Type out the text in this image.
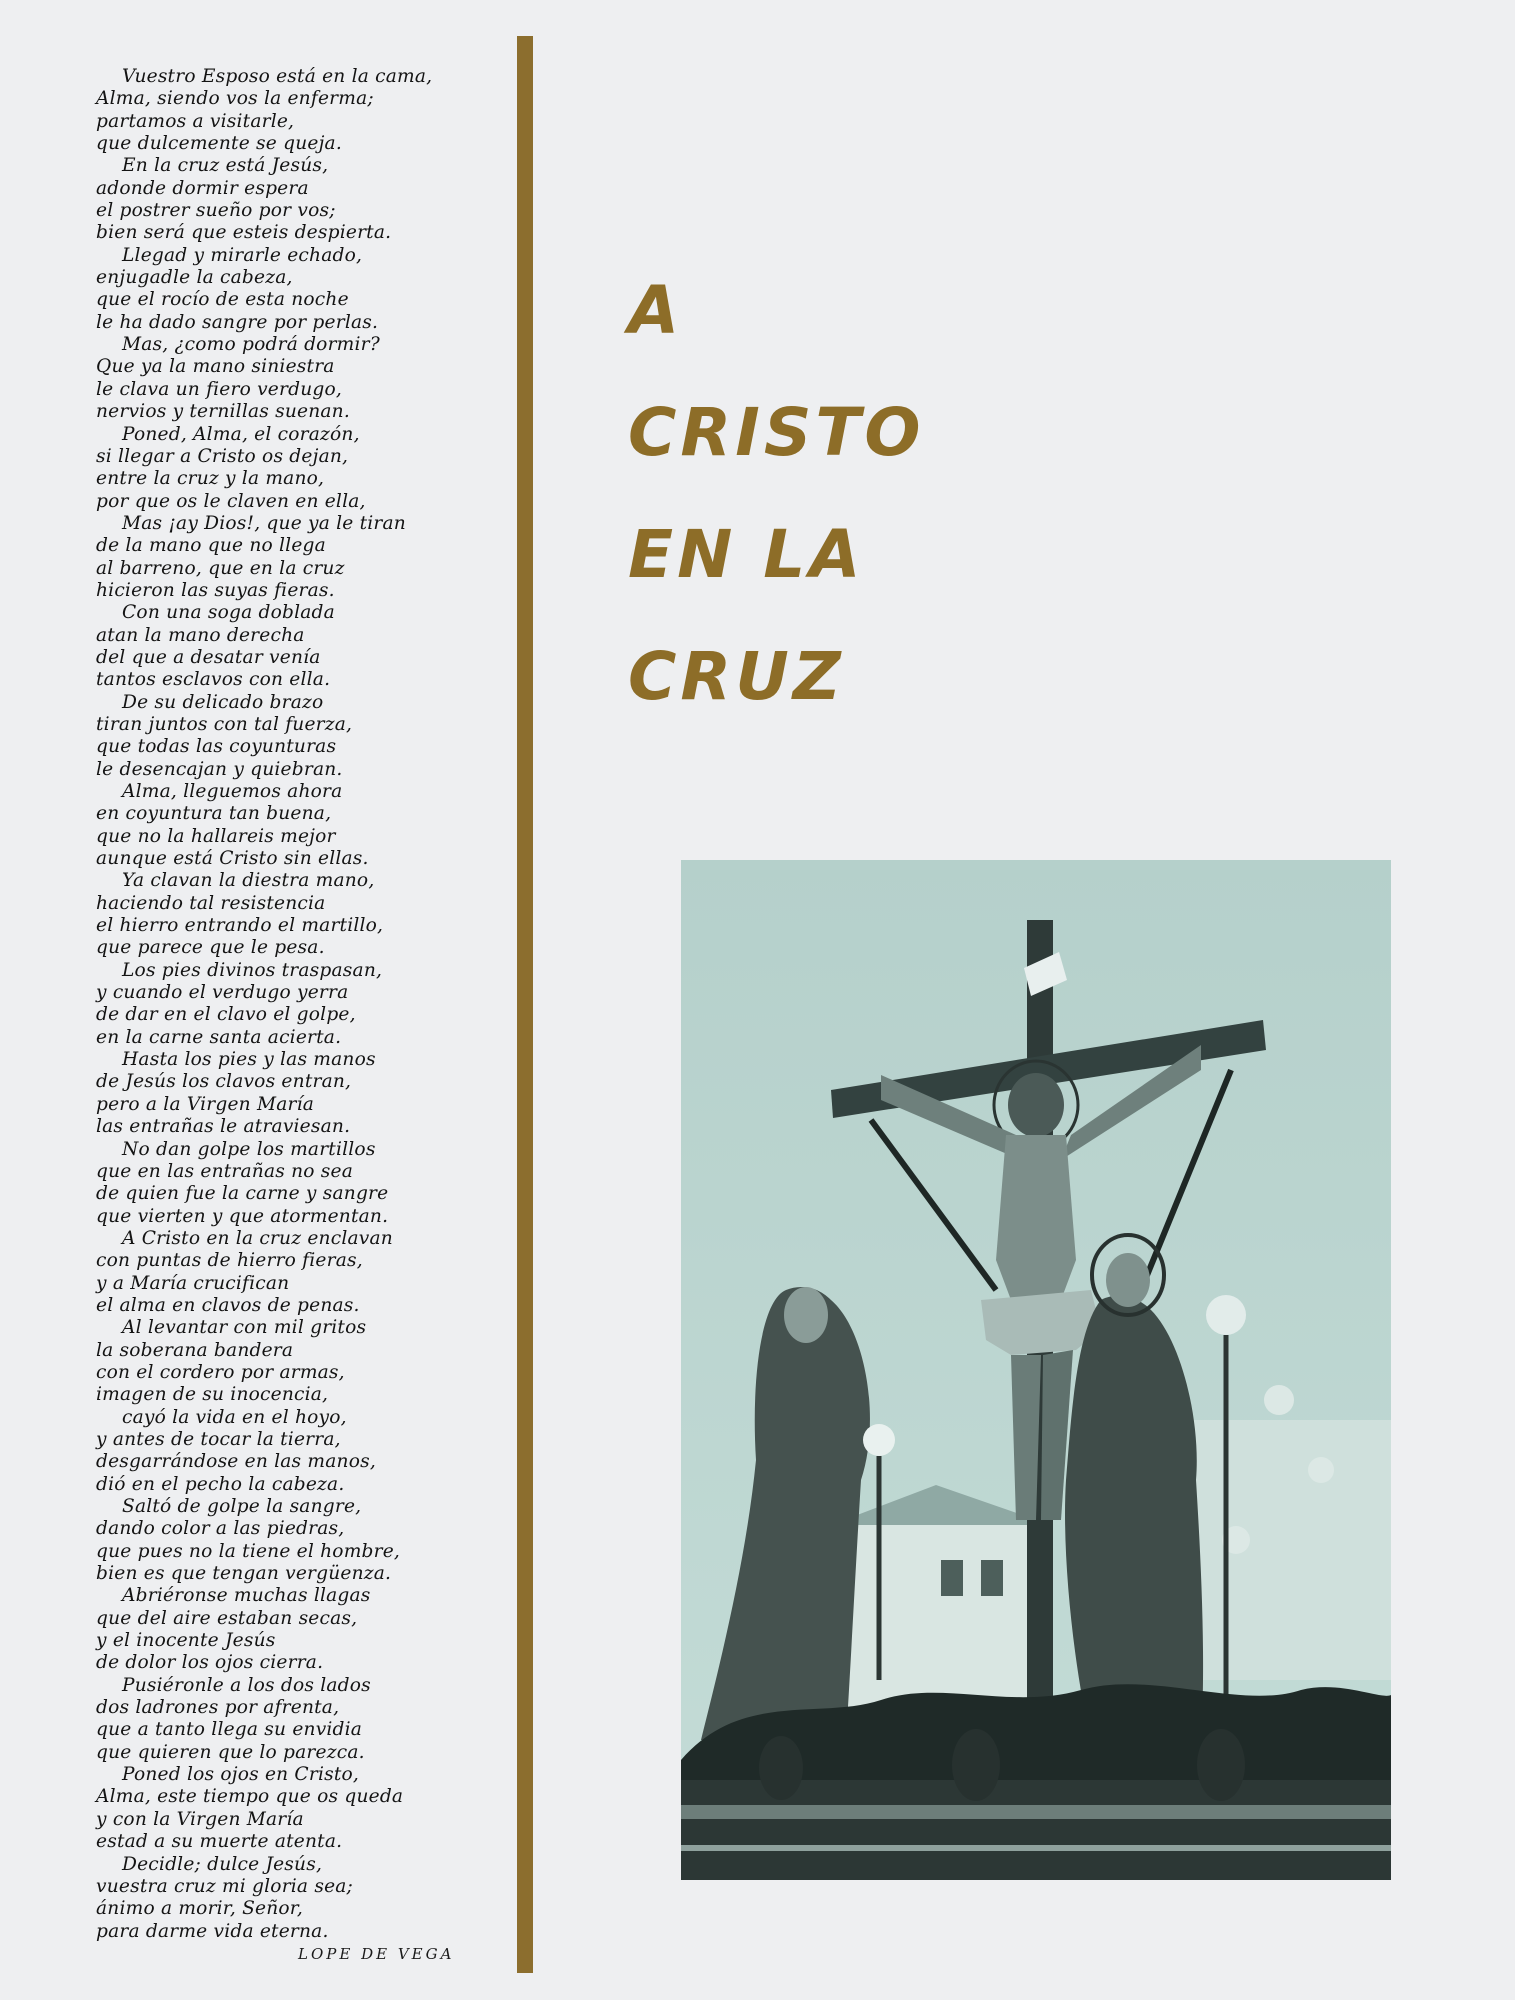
Vuestro Esposo está en la cama,
Alma, siendo vos la enferma;
partamos a visitarle,
que dulcemente se queja.
En la cruz está Jesús,
adonde dormir espera
el postrer sueño por vos;
bien será que esteis despierta.
Llegad y mirarle echado,
enjugadle la cabeza,
que el rocío de esta noche
le ha dado sangre por perlas.
Mas, ¿como podrá dormir?
Que ya la mano siniestra
le clava un fiero verdugo,
nervios y ternillas suenan.
Poned, Alma, el corazón,
si llegar a Cristo os dejan,
entre la cruz y la mano,
por que os le claven en ella,
Mas ¡ay Dios!, que ya le tiran
de la mano que no llega
al barreno, que en la cruz
hicieron las suyas fieras.
Con una soga doblada
atan la mano derecha
del que a desatar venía
tantos esclavos con ella.
De su delicado brazo
tiran juntos con tal fuerza,
que todas las coyunturas
le desencajan y quiebran.
Alma, lleguemos ahora
en coyuntura tan buena,
que no la hallareis mejor
aunque está Cristo sin ellas.
Ya clavan la diestra mano,
haciendo tal resistencia
el hierro entrando el martillo,
que parece que le pesa.
Los pies divinos traspasan,
y cuando el verdugo yerra
de dar en el clavo el golpe,
en la carne santa acierta.
Hasta los pies y las manos
de Jesús los clavos entran,
pero a la Virgen María
las entrañas le atraviesan.
No dan golpe los martillos
que en las entrañas no sea
de quien fue la carne y sangre
que vierten y que atormentan.
A Cristo en la cruz enclavan
con puntas de hierro fieras,
y a María crucifican
el alma en clavos de penas.
Al levantar con mil gritos
la soberana bandera
con el cordero por armas,
imagen de su inocencia,
cayó la vida en el hoyo,
y antes de tocar la tierra,
desgarrándose en las manos,
dió en el pecho la cabeza.
Saltó de golpe la sangre,
dando color a las piedras,
que pues no la tiene el hombre,
bien es que tengan vergüenza.
Abriéronse muchas llagas
que del aire estaban secas,
y el inocente Jesús
de dolor los ojos cierra.
Pusiéronle a los dos lados
dos ladrones por afrenta,
que a tanto llega su envidia
que quieren que lo parezca.
Poned los ojos en Cristo,
Alma, este tiempo que os queda
y con la Virgen María
estad a su muerte atenta.
Decidle; dulce Jesús,
vuestra cruz mi gloria sea;
ánimo a morir, Señor,
para darme vida eterna.
LOPE DE VEGA
A
CRISTO
EN LA
CRUZ
